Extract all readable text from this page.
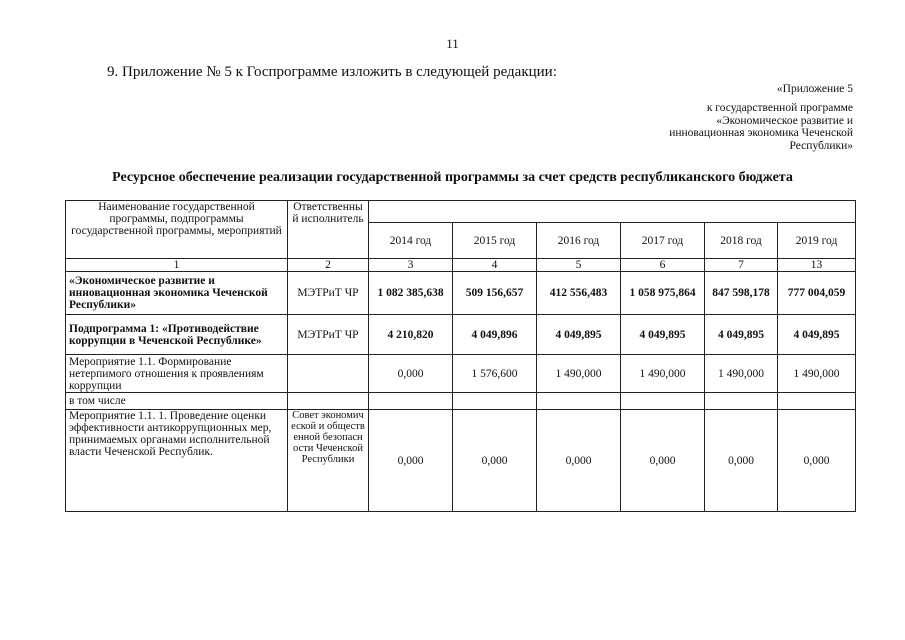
11
9. Приложение № 5 к Госпрограмме изложить в следующей редакции:
«Приложение 5
к государственной программе
«Экономическое развитие и
инновационная экономика Чеченской
Республики»
Ресурсное обеспечение реализации государственной программы за счет средств республиканского бюджета
Наименование государственной программы, подпрограммы государственной программы, мероприятий	Ответственный исполнитель						
		2014 год	2015 год	2016 год	2017 год	2018 год	2019 год
1	2	3	4	5	6	7	13
«Экономическое развитие и инновационная экономика Чеченской Республики»	МЭТРиТ ЧР	1 082 385,638	509 156,657	412 556,483	1 058 975,864	847 598,178	777 004,059
Подпрограмма 1: «Противодействие коррупции в Чеченской Республике»	МЭТРиТ ЧР	4 210,820	4 049,896	4 049,895	4 049,895	4 049,895	4 049,895
Мероприятие 1.1. Формирование нетерпимого отношения к проявлениям коррупции		0,000	1 576,600	1 490,000	1 490,000	1 490,000	1 490,000
в том числе							
Мероприятие 1.1. 1. Проведение оценки эффективности антикоррупционных мер, принимаемых органами исполнительной власти Чеченской Республик.	Совет экономической и общественной безопасности Чеченской Республики	0,000	0,000	0,000	0,000	0,000	0,000
